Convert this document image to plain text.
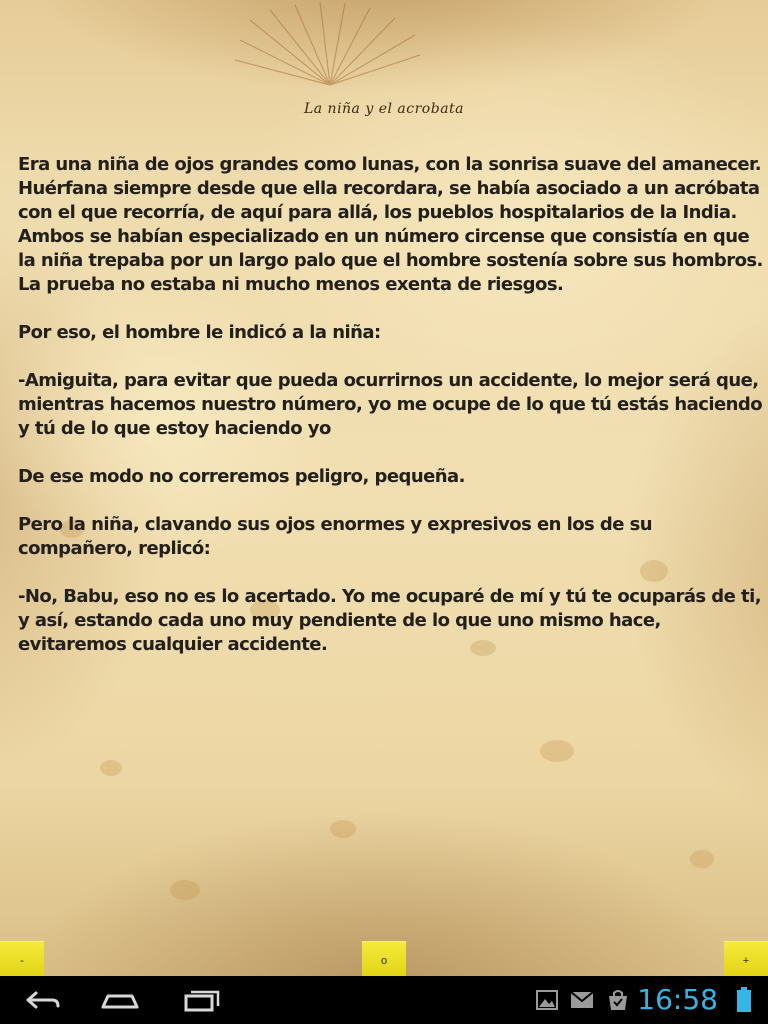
La niña y el acrobata

Era una niña de ojos grandes como lunas, con la sonrisa suave del amanecer. Huérfana siempre desde que ella recordara, se había asociado a un acróbata con el que recorría, de aquí para allá, los pueblos hospitalarios de la India. Ambos se habían especializado en un número circense que consistía en que la niña trepaba por un largo palo que el hombre sostenía sobre sus hombros. La prueba no estaba ni mucho menos exenta de riesgos.

Por eso, el hombre le indicó a la niña:

-Amiguita, para evitar que pueda ocurrirnos un accidente, lo mejor será que, mientras hacemos nuestro número, yo me ocupe de lo que tú estás haciendo y tú de lo que estoy haciendo yo

De ese modo no correremos peligro, pequeña.

Pero la niña, clavando sus ojos enormes y expresivos en los de su compañero, replicó:

-No, Babu, eso no es lo acertado. Yo me ocuparé de mí y tú te ocuparás de ti, y así, estando cada uno muy pendiente de lo que uno mismo hace, evitaremos cualquier accidente.

-	o	+
16:58
